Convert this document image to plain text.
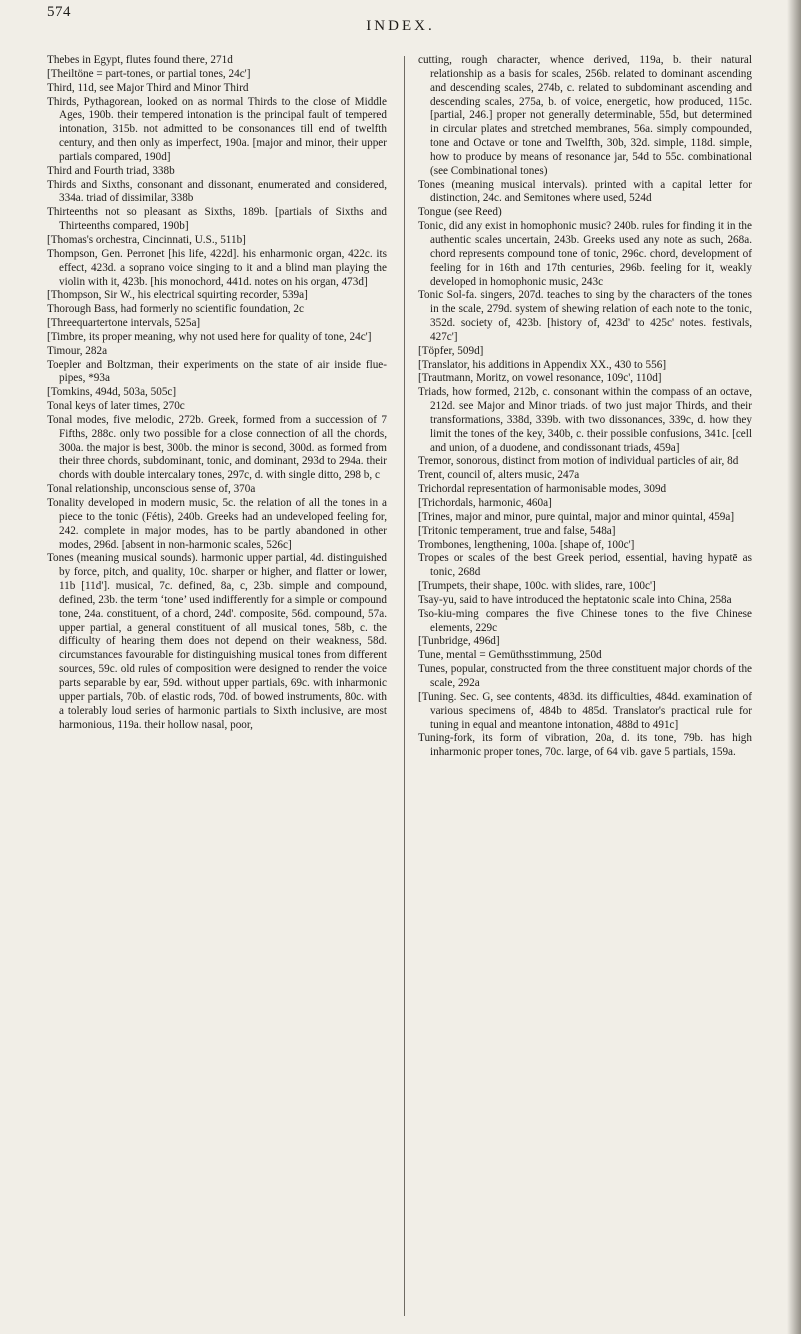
574
INDEX.

Thebes in Egypt, flutes found there, 271d

[Theiltöne = part-tones, or partial tones, 24c']

Third, 11d, see Major Third and Minor Third

Thirds, Pythagorean, looked on as normal Thirds to the close of Middle Ages, 190b. their tempered intonation is the principal fault of tempered intonation, 315b. not admitted to be consonances till end of twelfth century, and then only as imperfect, 190a. [major and minor, their upper partials compared, 190d]

Third and Fourth triad, 338b

Thirds and Sixths, consonant and dissonant, enumerated and considered, 334a. triad of dissimilar, 338b

Thirteenths not so pleasant as Sixths, 189b. [partials of Sixths and Thirteenths compared, 190b]

[Thomas's orchestra, Cincinnati, U.S., 511b]

Thompson, Gen. Perronet [his life, 422d]. his enharmonic organ, 422c. its effect, 423d. a soprano voice singing to it and a blind man playing the violin with it, 423b. [his monochord, 441d. notes on his organ, 473d]

[Thompson, Sir W., his electrical squirting recorder, 539a]

Thorough Bass, had formerly no scientific foundation, 2c

[Threequartertone intervals, 525a]

[Timbre, its proper meaning, why not used here for quality of tone, 24c']

Timour, 282a

Toepler and Boltzman, their experiments on the state of air inside flue-pipes, *93a

[Tomkins, 494d, 503a, 505c]

Tonal keys of later times, 270c

Tonal modes, five melodic, 272b. Greek, formed from a succession of 7 Fifths, 288c. only two possible for a close connection of all the chords, 300a. the major is best, 300b. the minor is second, 300d. as formed from their three chords, subdominant, tonic, and dominant, 293d to 294a. their chords with double intercalary tones, 297c, d. with single ditto, 298 b, c

Tonal relationship, unconscious sense of, 370a

Tonality developed in modern music, 5c. the relation of all the tones in a piece to the tonic (Fétis), 240b. Greeks had an undeveloped feeling for, 242. complete in major modes, has to be partly abandoned in other modes, 296d. [absent in non-harmonic scales, 526c]

Tones (meaning musical sounds). harmonic upper partial, 4d. distinguished by force, pitch, and quality, 10c. sharper or higher, and flatter or lower, 11b [11d']. musical, 7c. defined, 8a, c, 23b. simple and compound, defined, 23b. the term ‘tone’ used indifferently for a simple or compound tone, 24a. constituent, of a chord, 24d'. composite, 56d. compound, 57a. upper partial, a general constituent of all musical tones, 58b, c. the difficulty of hearing them does not depend on their weakness, 58d. circumstances favourable for distinguishing musical tones from different sources, 59c. old rules of composition were designed to render the voice parts separable by ear, 59d. without upper partials, 69c. with inharmonic upper partials, 70b. of elastic rods, 70d. of bowed instruments, 80c. with a tolerably loud series of harmonic partials to Sixth inclusive, are most harmonious, 119a. their hollow nasal, poor,

cutting, rough character, whence derived, 119a, b. their natural relationship as a basis for scales, 256b. related to dominant ascending and descending scales, 274b, c. related to subdominant ascending and descending scales, 275a, b. of voice, energetic, how produced, 115c. [partial, 246.] proper not generally determinable, 55d, but determined in circular plates and stretched membranes, 56a. simply compounded, tone and Octave or tone and Twelfth, 30b, 32d. simple, 118d. simple, how to produce by means of resonance jar, 54d to 55c. combinational (see Combinational tones)

Tones (meaning musical intervals). printed with a capital letter for distinction, 24c. and Semitones where used, 524d

Tongue (see Reed)

Tonic, did any exist in homophonic music? 240b. rules for finding it in the authentic scales uncertain, 243b. Greeks used any note as such, 268a. chord represents compound tone of tonic, 296c. chord, development of feeling for in 16th and 17th centuries, 296b. feeling for it, weakly developed in homophonic music, 243c

Tonic Sol-fa. singers, 207d. teaches to sing by the characters of the tones in the scale, 279d. system of shewing relation of each note to the tonic, 352d. society of, 423b. [history of, 423d' to 425c' notes. festivals, 427c']

[Töpfer, 509d]

[Translator, his additions in Appendix XX., 430 to 556]

[Trautmann, Moritz, on vowel resonance, 109c', 110d]

Triads, how formed, 212b, c. consonant within the compass of an octave, 212d. see Major and Minor triads. of two just major Thirds, and their transformations, 338d, 339b. with two dissonances, 339c, d. how they limit the tones of the key, 340b, c. their possible confusions, 341c. [cell and union, of a duodene, and condissonant triads, 459a]

Tremor, sonorous, distinct from motion of individual particles of air, 8d

Trent, council of, alters music, 247a

Trichordal representation of harmonisable modes, 309d

[Trichordals, harmonic, 460a]

[Trines, major and minor, pure quintal, major and minor quintal, 459a]

[Tritonic temperament, true and false, 548a]

Trombones, lengthening, 100a. [shape of, 100c']

Tropes or scales of the best Greek period, essential, having hypatē as tonic, 268d

[Trumpets, their shape, 100c. with slides, rare, 100c']

Tsay-yu, said to have introduced the heptatonic scale into China, 258a

Tso-kiu-ming compares the five Chinese tones to the five Chinese elements, 229c

[Tunbridge, 496d]

Tune, mental = Gemüthsstimmung, 250d

Tunes, popular, constructed from the three constituent major chords of the scale, 292a

[Tuning. Sec. G, see contents, 483d. its difficulties, 484d. examination of various specimens of, 484b to 485d. Translator's practical rule for tuning in equal and meantone intonation, 488d to 491c]

Tuning-fork, its form of vibration, 20a, d. its tone, 79b. has high inharmonic proper tones, 70c. large, of 64 vib. gave 5 partials, 159a.
